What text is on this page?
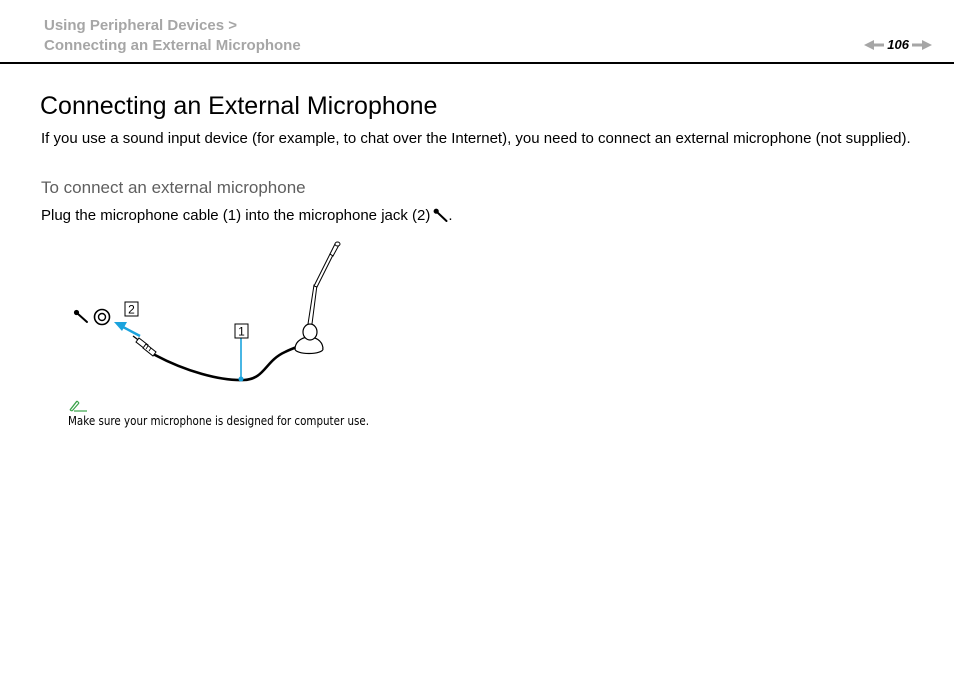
Using Peripheral Devices >
Connecting an External Microphone	106
Connecting an External Microphone

If you use a sound input device (for example, to chat over the Internet), you need to connect an external microphone (not supplied).

To connect an external microphone

Plug the microphone cable (1) into the microphone jack (2) .

2
1

Make sure your microphone is designed for computer use.
